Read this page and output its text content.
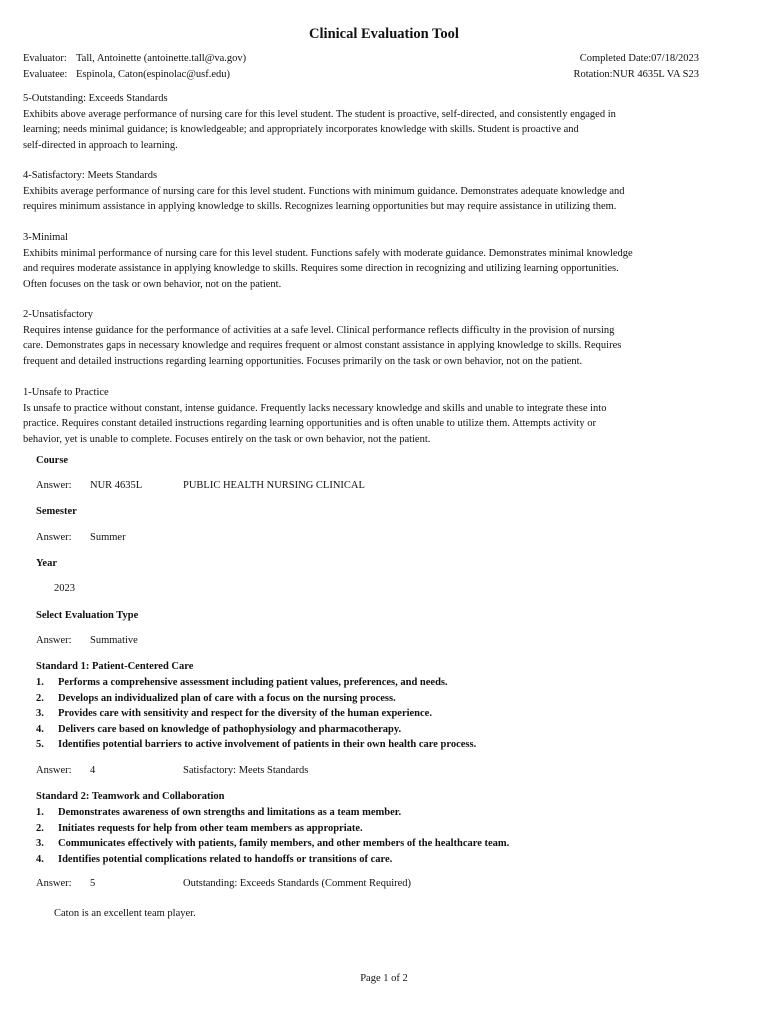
Clinical Evaluation Tool
Evaluator: Tall, Antoinette (antoinette.tall@va.gov)	Completed Date:07/18/2023
Evaluatee: Espinola, Caton(espinolac@usf.edu)	Rotation:NUR 4635L VA S23

5-Outstanding: Exceeds Standards

Exhibits above average performance of nursing care for this level student. The student is proactive, self-directed, and consistently engaged in

learning; needs minimal guidance; is knowledgeable; and appropriately incorporates knowledge with skills. Student is proactive and

self-directed in approach to learning.

4-Satisfactory: Meets Standards

Exhibits average performance of nursing care for this level student. Functions with minimum guidance. Demonstrates adequate knowledge and

requires minimum assistance in applying knowledge to skills. Recognizes learning opportunities but may require assistance in utilizing them.

3-Minimal

Exhibits minimal performance of nursing care for this level student. Functions safely with moderate guidance. Demonstrates minimal knowledge

and requires moderate assistance in applying knowledge to skills. Requires some direction in recognizing and utilizing learning opportunities.

Often focuses on the task or own behavior, not on the patient.

2-Unsatisfactory

Requires intense guidance for the performance of activities at a safe level. Clinical performance reflects difficulty in the provision of nursing

care. Demonstrates gaps in necessary knowledge and requires frequent or almost constant assistance in applying knowledge to skills. Requires

frequent and detailed instructions regarding learning opportunities. Focuses primarily on the task or own behavior, not on the patient.

1-Unsafe to Practice

Is unsafe to practice without constant, intense guidance. Frequently lacks necessary knowledge and skills and unable to integrate these into

practice. Requires constant detailed instructions regarding learning opportunities and is often unable to utilize them. Attempts activity or

behavior, yet is unable to complete. Focuses entirely on the task or own behavior, not the patient.

Course
Answer: NUR 4635L	PUBLIC HEALTH NURSING CLINICAL
Semester
Answer: Summer
Year
2023
Select Evaluation Type
Answer: Summative
Standard 1: Patient-Centered Care
1. Performs a comprehensive assessment including patient values, preferences, and needs.
2. Develops an individualized plan of care with a focus on the nursing process.
3. Provides care with sensitivity and respect for the diversity of the human experience.
4. Delivers care based on knowledge of pathophysiology and pharmacotherapy.
5. Identifies potential barriers to active involvement of patients in their own health care process.
Answer: 4	Satisfactory: Meets Standards
Standard 2: Teamwork and Collaboration
1. Demonstrates awareness of own strengths and limitations as a team member.
2. Initiates requests for help from other team members as appropriate.
3. Communicates effectively with patients, family members, and other members of the healthcare team.
4. Identifies potential complications related to handoffs or transitions of care.
Answer: 5	Outstanding: Exceeds Standards (Comment Required)
Caton is an excellent team player.
Page 1 of 2
